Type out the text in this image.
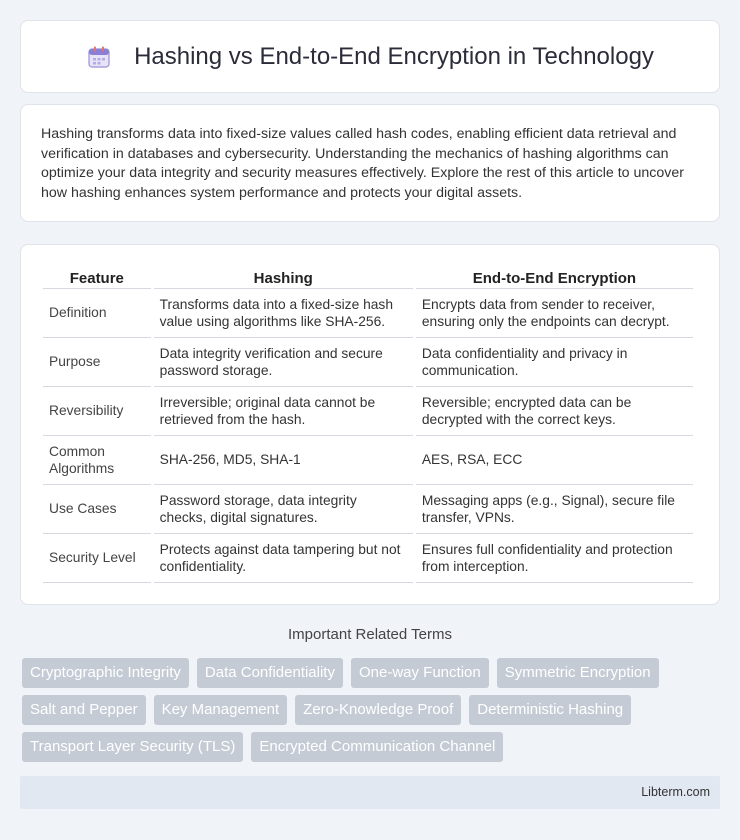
Hashing vs End-to-End Encryption in Technology

Hashing transforms data into fixed-size values called hash codes, enabling efficient data retrieval and verification in databases and cybersecurity. Understanding the mechanics of hashing algorithms can optimize your data integrity and security measures effectively. Explore the rest of this article to uncover how hashing enhances system performance and protects your digital assets.

Feature	Hashing	End-to-End Encryption
Definition	Transforms data into a fixed-size hash value using algorithms like SHA-256.	Encrypts data from sender to receiver, ensuring only the endpoints can decrypt.
Purpose	Data integrity verification and secure password storage.	Data confidentiality and privacy in communication.
Reversibility	Irreversible; original data cannot be retrieved from the hash.	Reversible; encrypted data can be decrypted with the correct keys.
Common Algorithms	SHA-256, MD5, SHA-1	AES, RSA, ECC
Use Cases	Password storage, data integrity checks, digital signatures.	Messaging apps (e.g., Signal), secure file transfer, VPNs.
Security Level	Protects against data tampering but not confidentiality.	Ensures full confidentiality and protection from interception.
Important Related Terms
Cryptographic Integrity	Data Confidentiality	One-way Function	Symmetric Encryption
Salt and Pepper	Key Management	Zero-Knowledge Proof	Deterministic Hashing
Transport Layer Security (TLS)	Encrypted Communication Channel
Libterm.com
